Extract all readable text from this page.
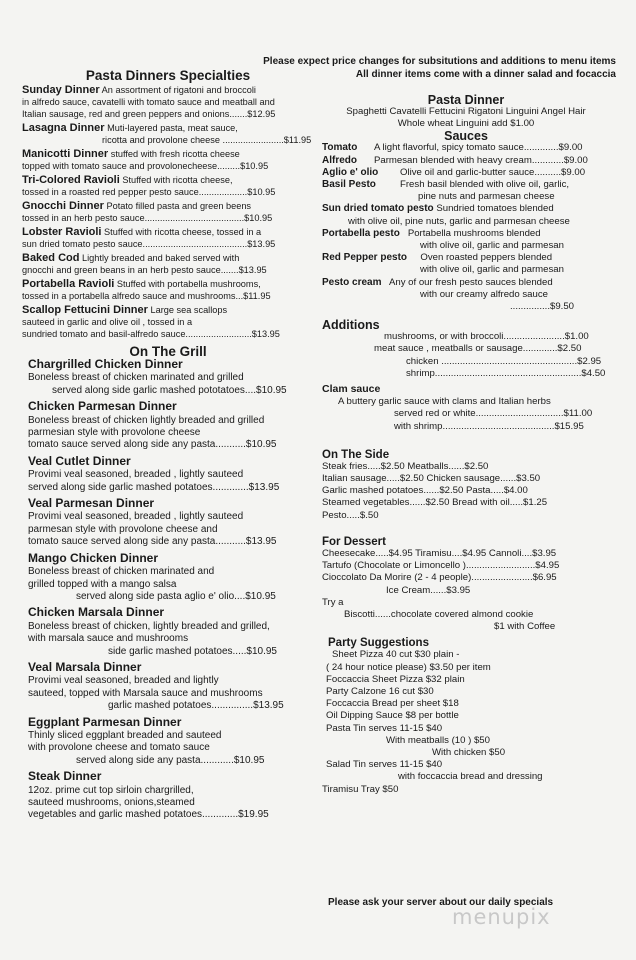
Please expect price changes for subsitutions and additions to menu items
All dinner items come with a dinner salad and focaccia
Pasta Dinners Specialties

Sunday Dinner An assortment of rigatoni and broccoli

in alfredo sauce, cavatelli with tomato sauce and meatball and

Italian sausage, red and green peppers and onions.......$12.95

Lasagna Dinner Muti-layered pasta, meat sauce,

ricotta and provolone cheese ........................$11.95

Manicotti Dinner stuffed with fresh ricotta cheese

topped with tomato sauce and provolonecheese.........$10.95

Tri-Colored Ravioli Stuffed with ricotta cheese,

tossed in a roasted red pepper pesto sauce...................$10.95

Gnocchi Dinner Potato filled pasta and green beens

tossed in an herb pesto sauce.......................................$10.95

Lobster Ravioli Stuffed with ricotta cheese, tossed in a

sun dried tomato pesto sauce.........................................$13.95

Baked Cod Lightly breaded and baked served with

gnocchi and green beans in an herb pesto sauce.......$13.95

Portabella Ravioli Stuffed with portabella mushrooms,

tossed in a portabella alfredo sauce and mushrooms...$11.95

Scallop Fettucini Dinner Large sea scallops

sauteed in garlic and olive oil , tossed in a

sundried tomato and basil-alfredo sauce..........................$13.95

On The Grill

Chargrilled Chicken Dinner

Boneless breast of chicken marinated and grilled

served along side garlic mashed pototatoes....$10.95

Chicken Parmesan Dinner

Boneless breast of chicken lightly breaded and grilled

parmesian style with provolone cheese

tomato sauce served along side any pasta...........$10.95

Veal Cutlet Dinner

Provimi veal seasoned, breaded , lightly sauteed

served along side garlic mashed potatoes.............$13.95

Veal Parmesan Dinner

Provimi veal seasoned, breaded , lightly sauteed

parmesan style with provolone cheese and

tomato sauce served along side any pasta...........$13.95

Mango Chicken Dinner

Boneless breast of chicken marinated and

grilled topped with a mango salsa

served along side pasta aglio e' olio....$10.95

Chicken Marsala Dinner

Boneless breast of chicken, lightly breaded and grilled,

with marsala sauce and mushrooms

side garlic mashed potatoes.....$10.95

Veal Marsala Dinner

Provimi veal seasoned, breaded and lightly

sauteed, topped with Marsala sauce and mushrooms

garlic mashed potatoes...............$13.95

Eggplant Parmesan Dinner

Thinly sliced eggplant breaded and sauteed

with provolone cheese and tomato sauce

served along side any pasta............$10.95

Steak Dinner

12oz. prime cut top sirloin chargrilled,

sauteed mushrooms, onions,steamed

vegetables and garlic mashed potatoes.............$19.95

Pasta Dinner

Spaghetti Cavatelli Fettucini Rigatoni Linguini Angel Hair

Whole wheat Linguini add $1.00

Sauces
Tomato	A light flavorful, spicy tomato sauce.............$9.00
Alfredo	Parmesan blended with heavy cream............$9.00
Aglio e' olio	Olive oil and garlic-butter sauce..........$9.00
Basil Pesto	Fresh basil blended with olive oil, garlic,

pine nuts and parmesan cheese

Sun dried tomato pesto Sundried tomatoes blended

with olive oil, pine nuts, garlic and parmesan cheese

Portabella pesto Portabella mushrooms blended

with olive oil, garlic and parmesan

Red Pepper pesto Oven roasted peppers blended

with olive oil, garlic and parmesan

Pesto cream Any of our fresh pesto sauces blended

with our creamy alfredo sauce

...............$9.50

Additions

mushrooms, or with broccoli.......................$1.00

meat sauce , meatballs or sausage.............$2.50

chicken ...................................................$2.95

shrimp.......................................................$4.50

Clam sauce

A buttery garlic sauce with clams and Italian herbs

served red or white.................................$11.00

with shrimp..........................................$15.95

On The Side

Steak fries.....$2.50 Meatballs......$2.50

Italian sausage.....$2.50 Chicken sausage......$3.50

Garlic mashed potatoes......$2.50 Pasta.....$4.00

Steamed vegetables......$2.50 Bread with oil.....$1.25

Pesto.....$.50

For Dessert

Cheesecake.....$4.95 Tiramisu....$4.95 Cannoli....$3.95

Tartufo (Chocolate or Limoncello )..........................$4.95

Cioccolato Da Morire (2 - 4 people).......................$6.95

Ice Cream......$3.95

Try a

Biscotti......chocolate covered almond cookie

$1 with Coffee

Party Suggestions

Sheet Pizza 40 cut $30 plain -

( 24 hour notice please) $3.50 per item

Foccaccia Sheet Pizza $32 plain

Party Calzone 16 cut $30

Foccaccia Bread per sheet $18

Oil Dipping Sauce $8 per bottle

Pasta Tin serves 11-15 $40

With meatballs (10 ) $50

With chicken $50

Salad Tin serves 11-15 $40

with foccaccia bread and dressing

Tiramisu Tray $50

Please ask your server about our daily specials
menupix
